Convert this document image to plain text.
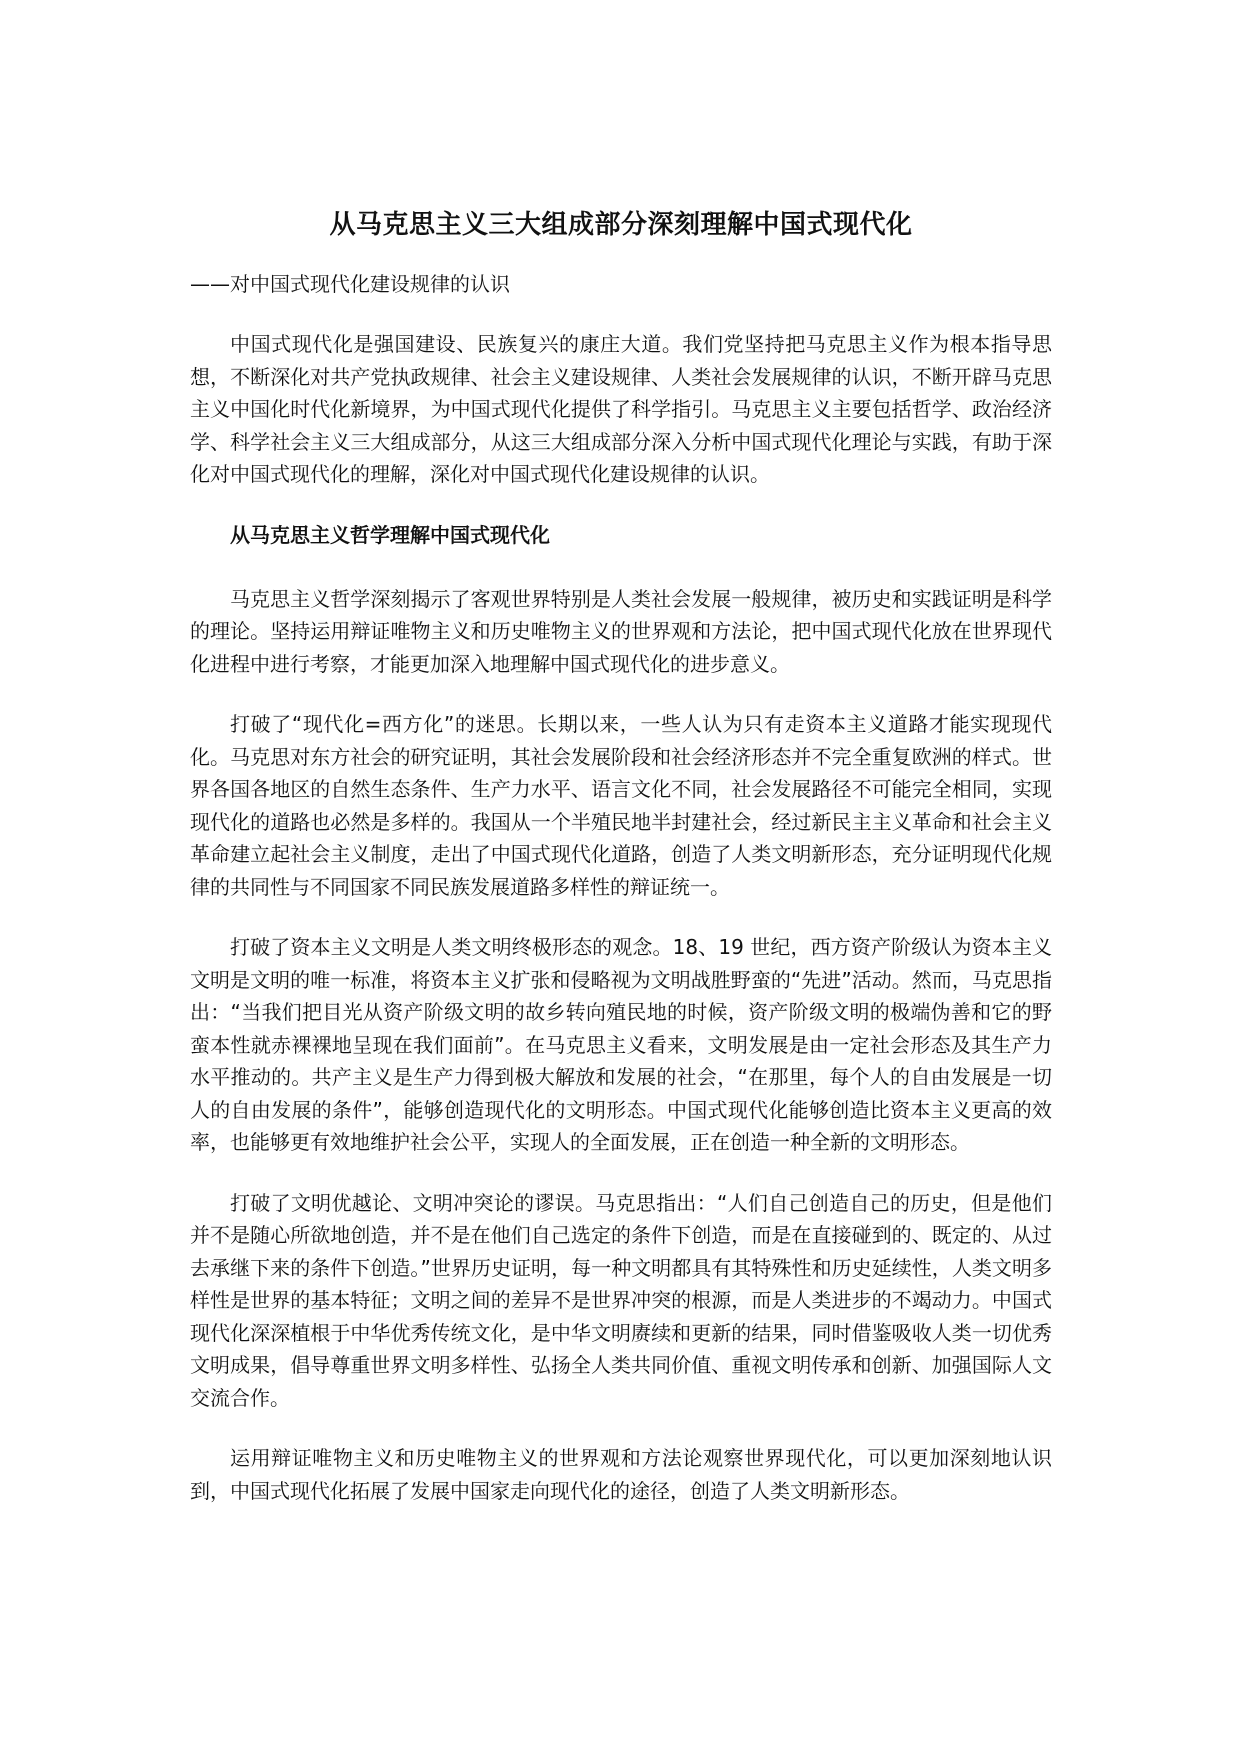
从马克思主义三大组成部分深刻理解中国式现代化
——对中国式现代化建设规律的认识

中国式现代化是强国建设、民族复兴的康庄大道。我们党坚持把马克思主义作为根本指导思想，不断深化对共产党执政规律、社会主义建设规律、人类社会发展规律的认识，不断开辟马克思主义中国化时代化新境界，为中国式现代化提供了科学指引。马克思主义主要包括哲学、政治经济学、科学社会主义三大组成部分，从这三大组成部分深入分析中国式现代化理论与实践，有助于深化对中国式现代化的理解，深化对中国式现代化建设规律的认识。

从马克思主义哲学理解中国式现代化

马克思主义哲学深刻揭示了客观世界特别是人类社会发展一般规律，被历史和实践证明是科学的理论。坚持运用辩证唯物主义和历史唯物主义的世界观和方法论，把中国式现代化放在世界现代化进程中进行考察，才能更加深入地理解中国式现代化的进步意义。

打破了“现代化=西方化”的迷思。长期以来，一些人认为只有走资本主义道路才能实现现代化。马克思对东方社会的研究证明，其社会发展阶段和社会经济形态并不完全重复欧洲的样式。世界各国各地区的自然生态条件、生产力水平、语言文化不同，社会发展路径不可能完全相同，实现现代化的道路也必然是多样的。我国从一个半殖民地半封建社会，经过新民主主义革命和社会主义革命建立起社会主义制度，走出了中国式现代化道路，创造了人类文明新形态，充分证明现代化规律的共同性与不同国家不同民族发展道路多样性的辩证统一。

打破了资本主义文明是人类文明终极形态的观念。18、19 世纪，西方资产阶级认为资本主义文明是文明的唯一标准，将资本主义扩张和侵略视为文明战胜野蛮的“先进”活动。然而，马克思指出：“当我们把目光从资产阶级文明的故乡转向殖民地的时候，资产阶级文明的极端伪善和它的野蛮本性就赤裸裸地呈现在我们面前”。在马克思主义看来，文明发展是由一定社会形态及其生产力水平推动的。共产主义是生产力得到极大解放和发展的社会，“在那里，每个人的自由发展是一切人的自由发展的条件”，能够创造现代化的文明形态。中国式现代化能够创造比资本主义更高的效率，也能够更有效地维护社会公平，实现人的全面发展，正在创造一种全新的文明形态。

打破了文明优越论、文明冲突论的谬误。马克思指出：“人们自己创造自己的历史，但是他们并不是随心所欲地创造，并不是在他们自己选定的条件下创造，而是在直接碰到的、既定的、从过去承继下来的条件下创造。”世界历史证明，每一种文明都具有其特殊性和历史延续性，人类文明多样性是世界的基本特征；文明之间的差异不是世界冲突的根源，而是人类进步的不竭动力。中国式现代化深深植根于中华优秀传统文化，是中华文明赓续和更新的结果，同时借鉴吸收人类一切优秀文明成果，倡导尊重世界文明多样性、弘扬全人类共同价值、重视文明传承和创新、加强国际人文交流合作。

运用辩证唯物主义和历史唯物主义的世界观和方法论观察世界现代化，可以更加深刻地认识到，中国式现代化拓展了发展中国家走向现代化的途径，创造了人类文明新形态。
